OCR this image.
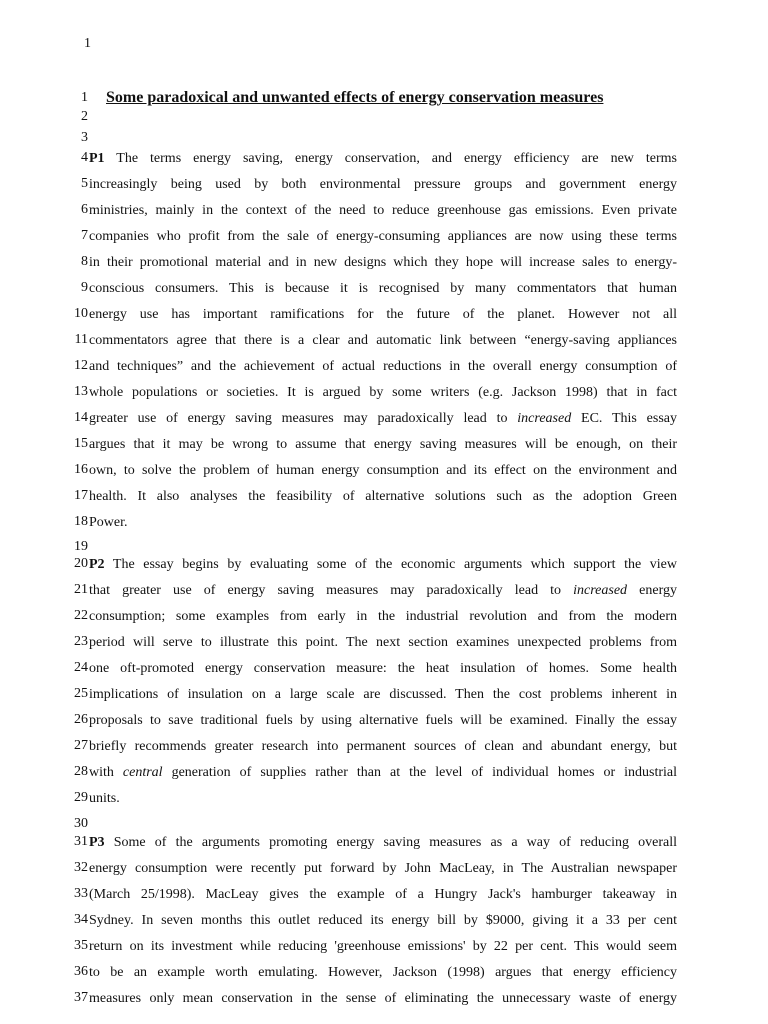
1
1 Some paradoxical and unwanted effects of energy conservation measures
2
3
4 P1 The terms energy saving, energy conservation, and energy efficiency are new terms
5 increasingly being used by both environmental pressure groups and government energy
6 ministries, mainly in the context of the need to reduce greenhouse gas emissions. Even private
7 companies who profit from the sale of energy-consuming appliances are now using these terms
8 in their promotional material and in new designs which they hope will increase sales to energy-
9 conscious consumers. This is because it is recognised by many commentators that human
10 energy use has important ramifications for the future of the planet. However not all
11 commentators agree that there is a clear and automatic link between “energy-saving appliances
12 and techniques” and the achievement of actual reductions in the overall energy consumption of
13 whole populations or societies. It is argued by some writers (e.g. Jackson 1998) that in fact
14 greater use of energy saving measures may paradoxically lead to increased EC. This essay
15 argues that it may be wrong to assume that energy saving measures will be enough, on their
16 own, to solve the problem of human energy consumption and its effect on the environment and
17 health. It also analyses the feasibility of alternative solutions such as the adoption Green
18 Power.
19
20 P2 The essay begins by evaluating some of the economic arguments which support the view
21 that greater use of energy saving measures may paradoxically lead to increased energy
22 consumption; some examples from early in the industrial revolution and from the modern
23 period will serve to illustrate this point. The next section examines unexpected problems from
24 one oft-promoted energy conservation measure: the heat insulation of homes. Some health
25 implications of insulation on a large scale are discussed. Then the cost problems inherent in
26 proposals to save traditional fuels by using alternative fuels will be examined. Finally the essay
27 briefly recommends greater research into permanent sources of clean and abundant energy, but
28 with central generation of supplies rather than at the level of individual homes or industrial
29 units.
30
31 P3 Some of the arguments promoting energy saving measures as a way of reducing overall
32 energy consumption were recently put forward by John MacLeay, in The Australian newspaper
33 (March 25/1998). MacLeay gives the example of a Hungry Jack's hamburger takeaway in
34 Sydney. In seven months this outlet reduced its energy bill by $9000, giving it a 33 per cent
35 return on its investment while reducing 'greenhouse emissions' by 22 per cent. This would seem
36 to be an example worth emulating. However, Jackson (1998) argues that energy efficiency
37 measures only mean conservation in the sense of eliminating the unnecessary waste of energy
